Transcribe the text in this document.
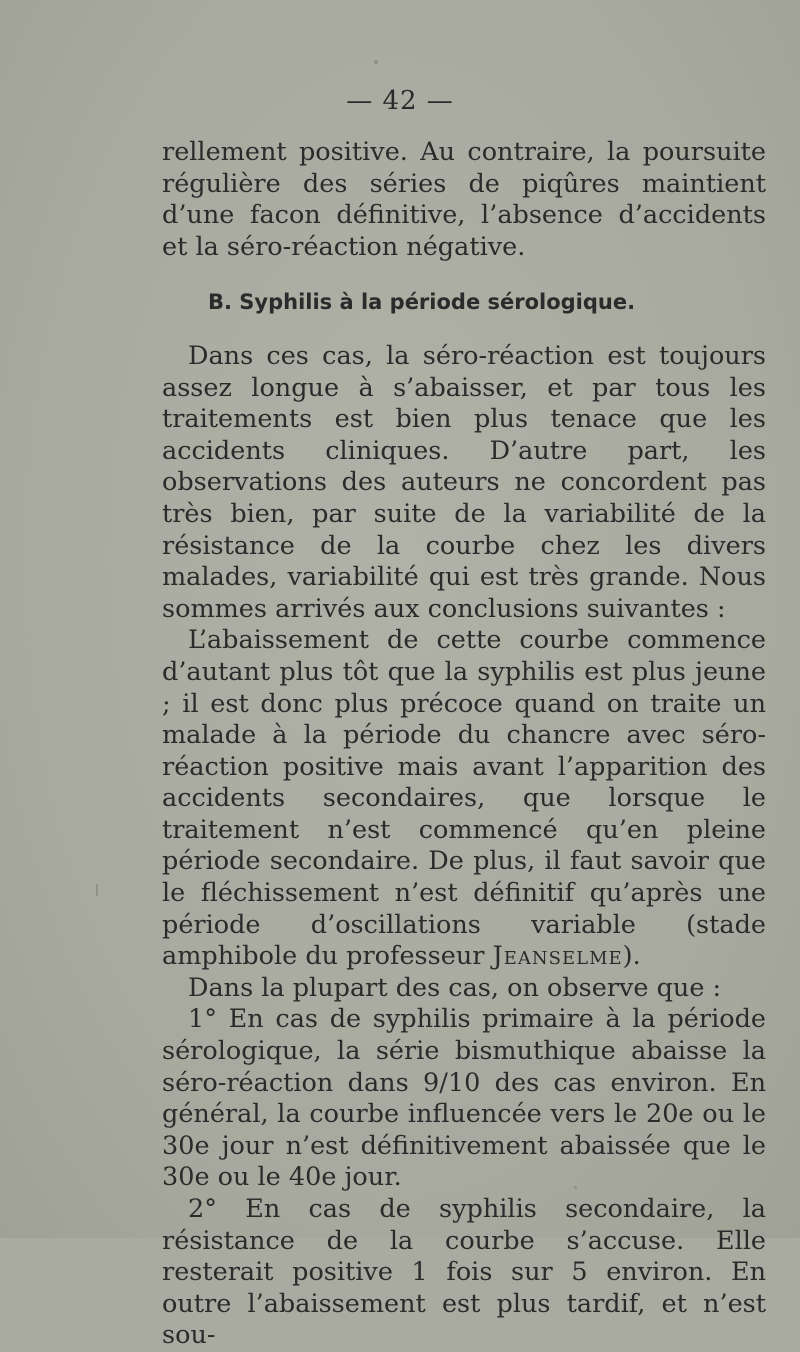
— 42 —

rellement positive. Au contraire, la poursuite régulière des séries de piqûres maintient d’une facon définitive, l’absence d’accidents et la séro-réaction négative.

B. Syphilis à la période sérologique.

Dans ces cas, la séro-réaction est toujours assez longue à s’abaisser, et par tous les traitements est bien plus tenace que les accidents cliniques. D’autre part, les observations des auteurs ne concordent pas très bien, par suite de la variabilité de la résistance de la courbe chez les divers malades, variabilité qui est très grande. Nous sommes arrivés aux conclusions suivantes :

L’abaissement de cette courbe commence d’autant plus tôt que la syphilis est plus jeune ; il est donc plus précoce quand on traite un malade à la période du chancre avec séro-réaction positive mais avant l’apparition des accidents secondaires, que lorsque le traitement n’est commencé qu’en pleine période secondaire. De plus, il faut savoir que le fléchissement n’est définitif qu’après une période d’oscillations variable (stade amphibole du professeur Jeanselme).

Dans la plupart des cas, on observe que :

1° En cas de syphilis primaire à la période sérologique, la série bismuthique abaisse la séro-réaction dans 9/10 des cas environ. En général, la courbe influencée vers le 20e ou le 30e jour n’est définitivement abaissée que le 30e ou le 40e jour.

2° En cas de syphilis secondaire, la résistance de la courbe s’accuse. Elle resterait positive 1 fois sur 5 environ. En outre l’abaissement est plus tardif, et n’est sou-
